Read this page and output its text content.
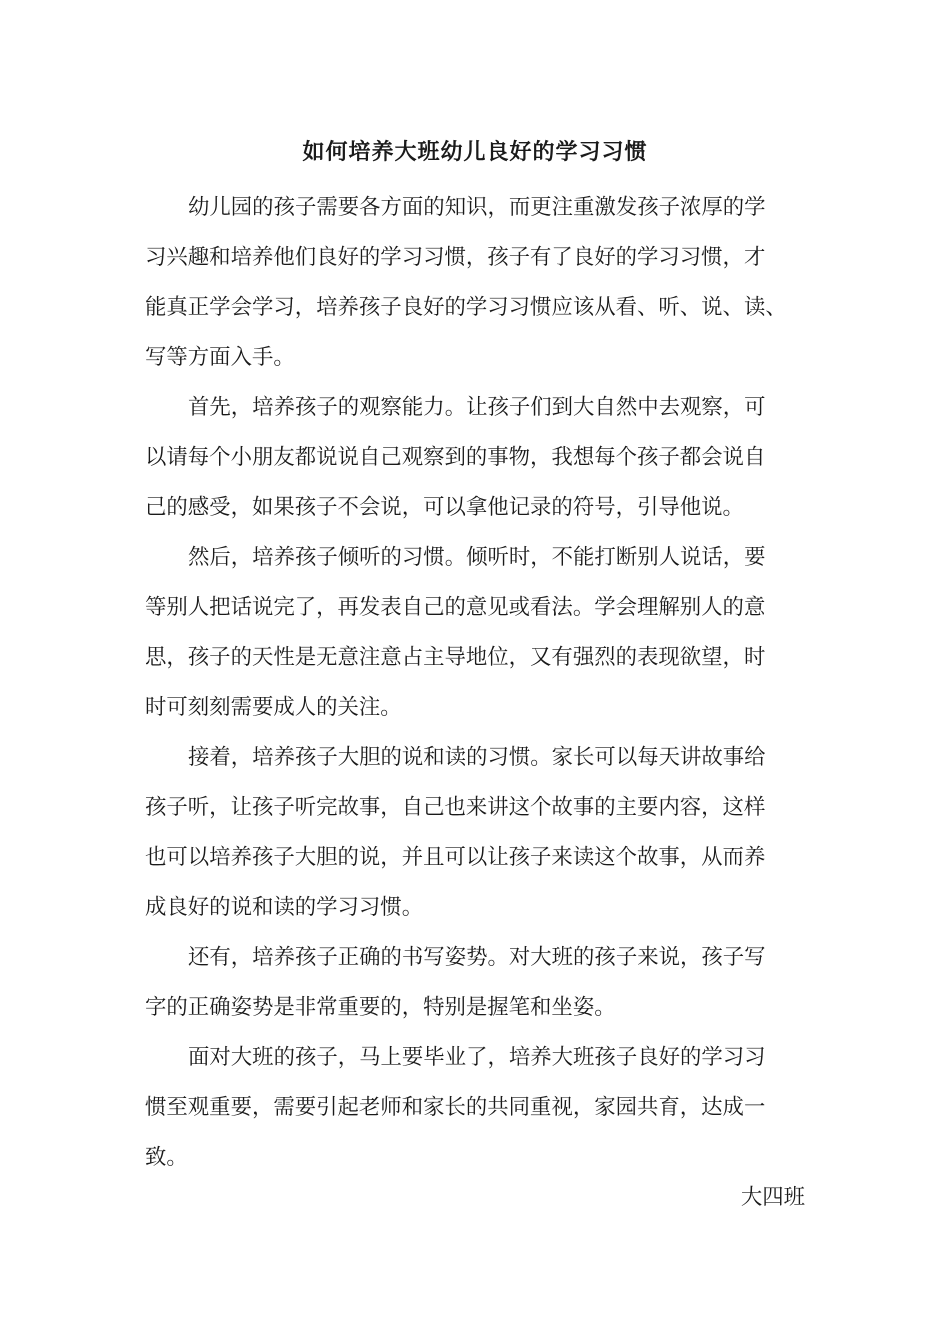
如何培养大班幼儿良好的学习习惯
幼儿园的孩子需要各方面的知识，而更注重激发孩子浓厚的学
习兴趣和培养他们良好的学习习惯，孩子有了良好的学习习惯，才
能真正学会学习，培养孩子良好的学习习惯应该从看、听、说、读、
写等方面入手。
首先，培养孩子的观察能力。让孩子们到大自然中去观察，可
以请每个小朋友都说说自己观察到的事物，我想每个孩子都会说自
己的感受，如果孩子不会说，可以拿他记录的符号，引导他说。
然后，培养孩子倾听的习惯。倾听时，不能打断别人说话，要
等别人把话说完了，再发表自己的意见或看法。学会理解别人的意
思，孩子的天性是无意注意占主导地位，又有强烈的表现欲望，时
时可刻刻需要成人的关注。
接着，培养孩子大胆的说和读的习惯。家长可以每天讲故事给
孩子听，让孩子听完故事，自己也来讲这个故事的主要内容，这样
也可以培养孩子大胆的说，并且可以让孩子来读这个故事，从而养
成良好的说和读的学习习惯。
还有，培养孩子正确的书写姿势。对大班的孩子来说，孩子写
字的正确姿势是非常重要的，特别是握笔和坐姿。
面对大班的孩子，马上要毕业了，培养大班孩子良好的学习习
惯至观重要，需要引起老师和家长的共同重视，家园共育，达成一
致。
大四班
